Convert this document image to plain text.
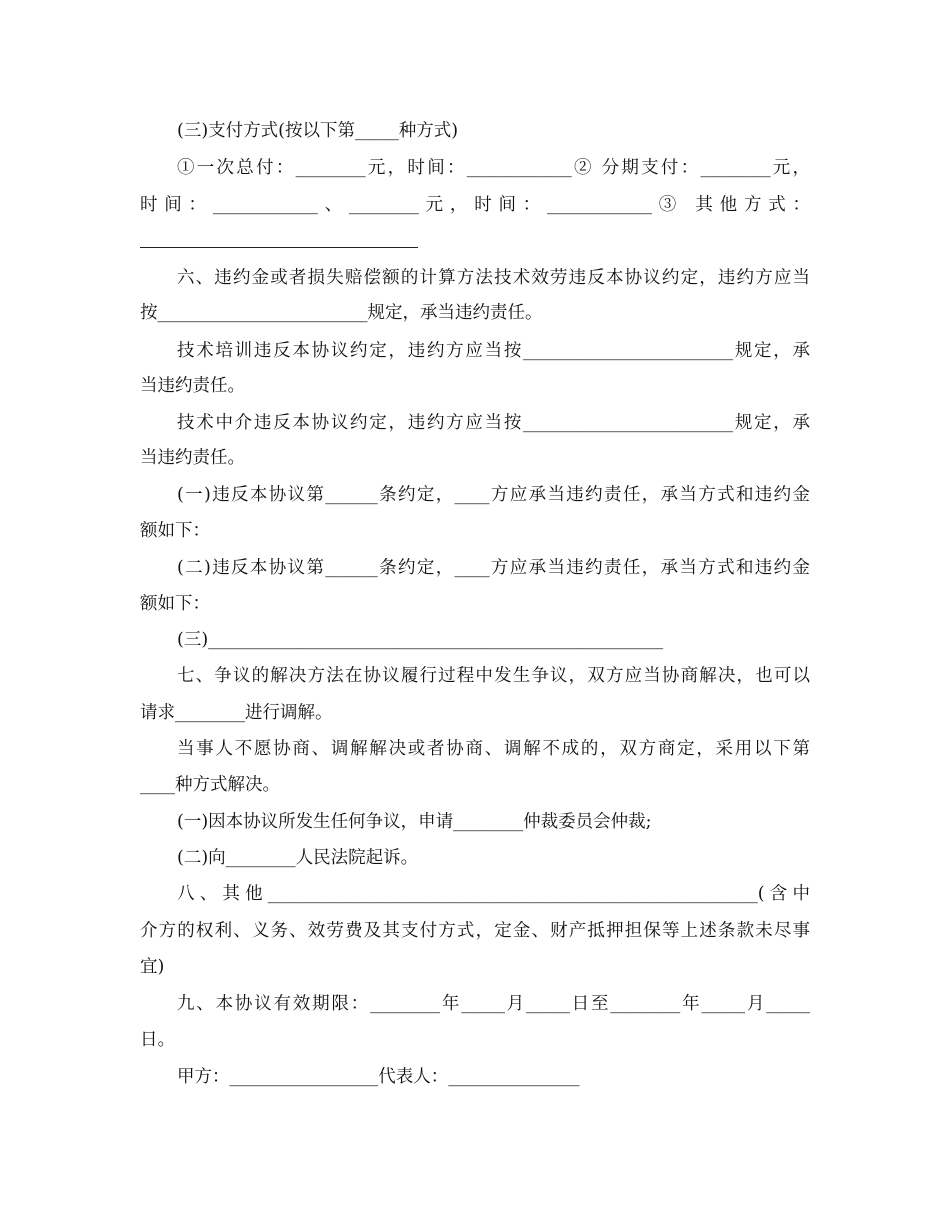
(三)支付方式(按以下第_____种方式)
①一次总付：________元，时间：____________② 分期支付：________元，
时间：____________、________元，时间：____________③ 其他方式：
六、违约金或者损失赔偿额的计算方法技术效劳违反本协议约定，违约方应当
按________________________规定，承当违约责任。
技术培训违反本协议约定，违约方应当按________________________规定，承
当违约责任。
技术中介违反本协议约定，违约方应当按________________________规定，承
当违约责任。
(一)违反本协议第______条约定，____方应承当违约责任，承当方式和违约金
额如下：
(二)违反本协议第______条约定，____方应承当违约责任，承当方式和违约金
额如下：
(三)____________________________________________________
七、争议的解决方法在协议履行过程中发生争议，双方应当协商解决，也可以
请求________进行调解。
当事人不愿协商、调解解决或者协商、调解不成的，双方商定，采用以下第
____种方式解决。
(一)因本协议所发生任何争议，申请________仲裁委员会仲裁;
(二)向________人民法院起诉。
八、其他________________________________________________________(含中
介方的权利、义务、效劳费及其支付方式，定金、财产抵押担保等上述条款未尽事
宜)
九、本协议有效期限：________年_____月_____日至________年_____月_____
日。
甲方：_________________代表人：_______________
